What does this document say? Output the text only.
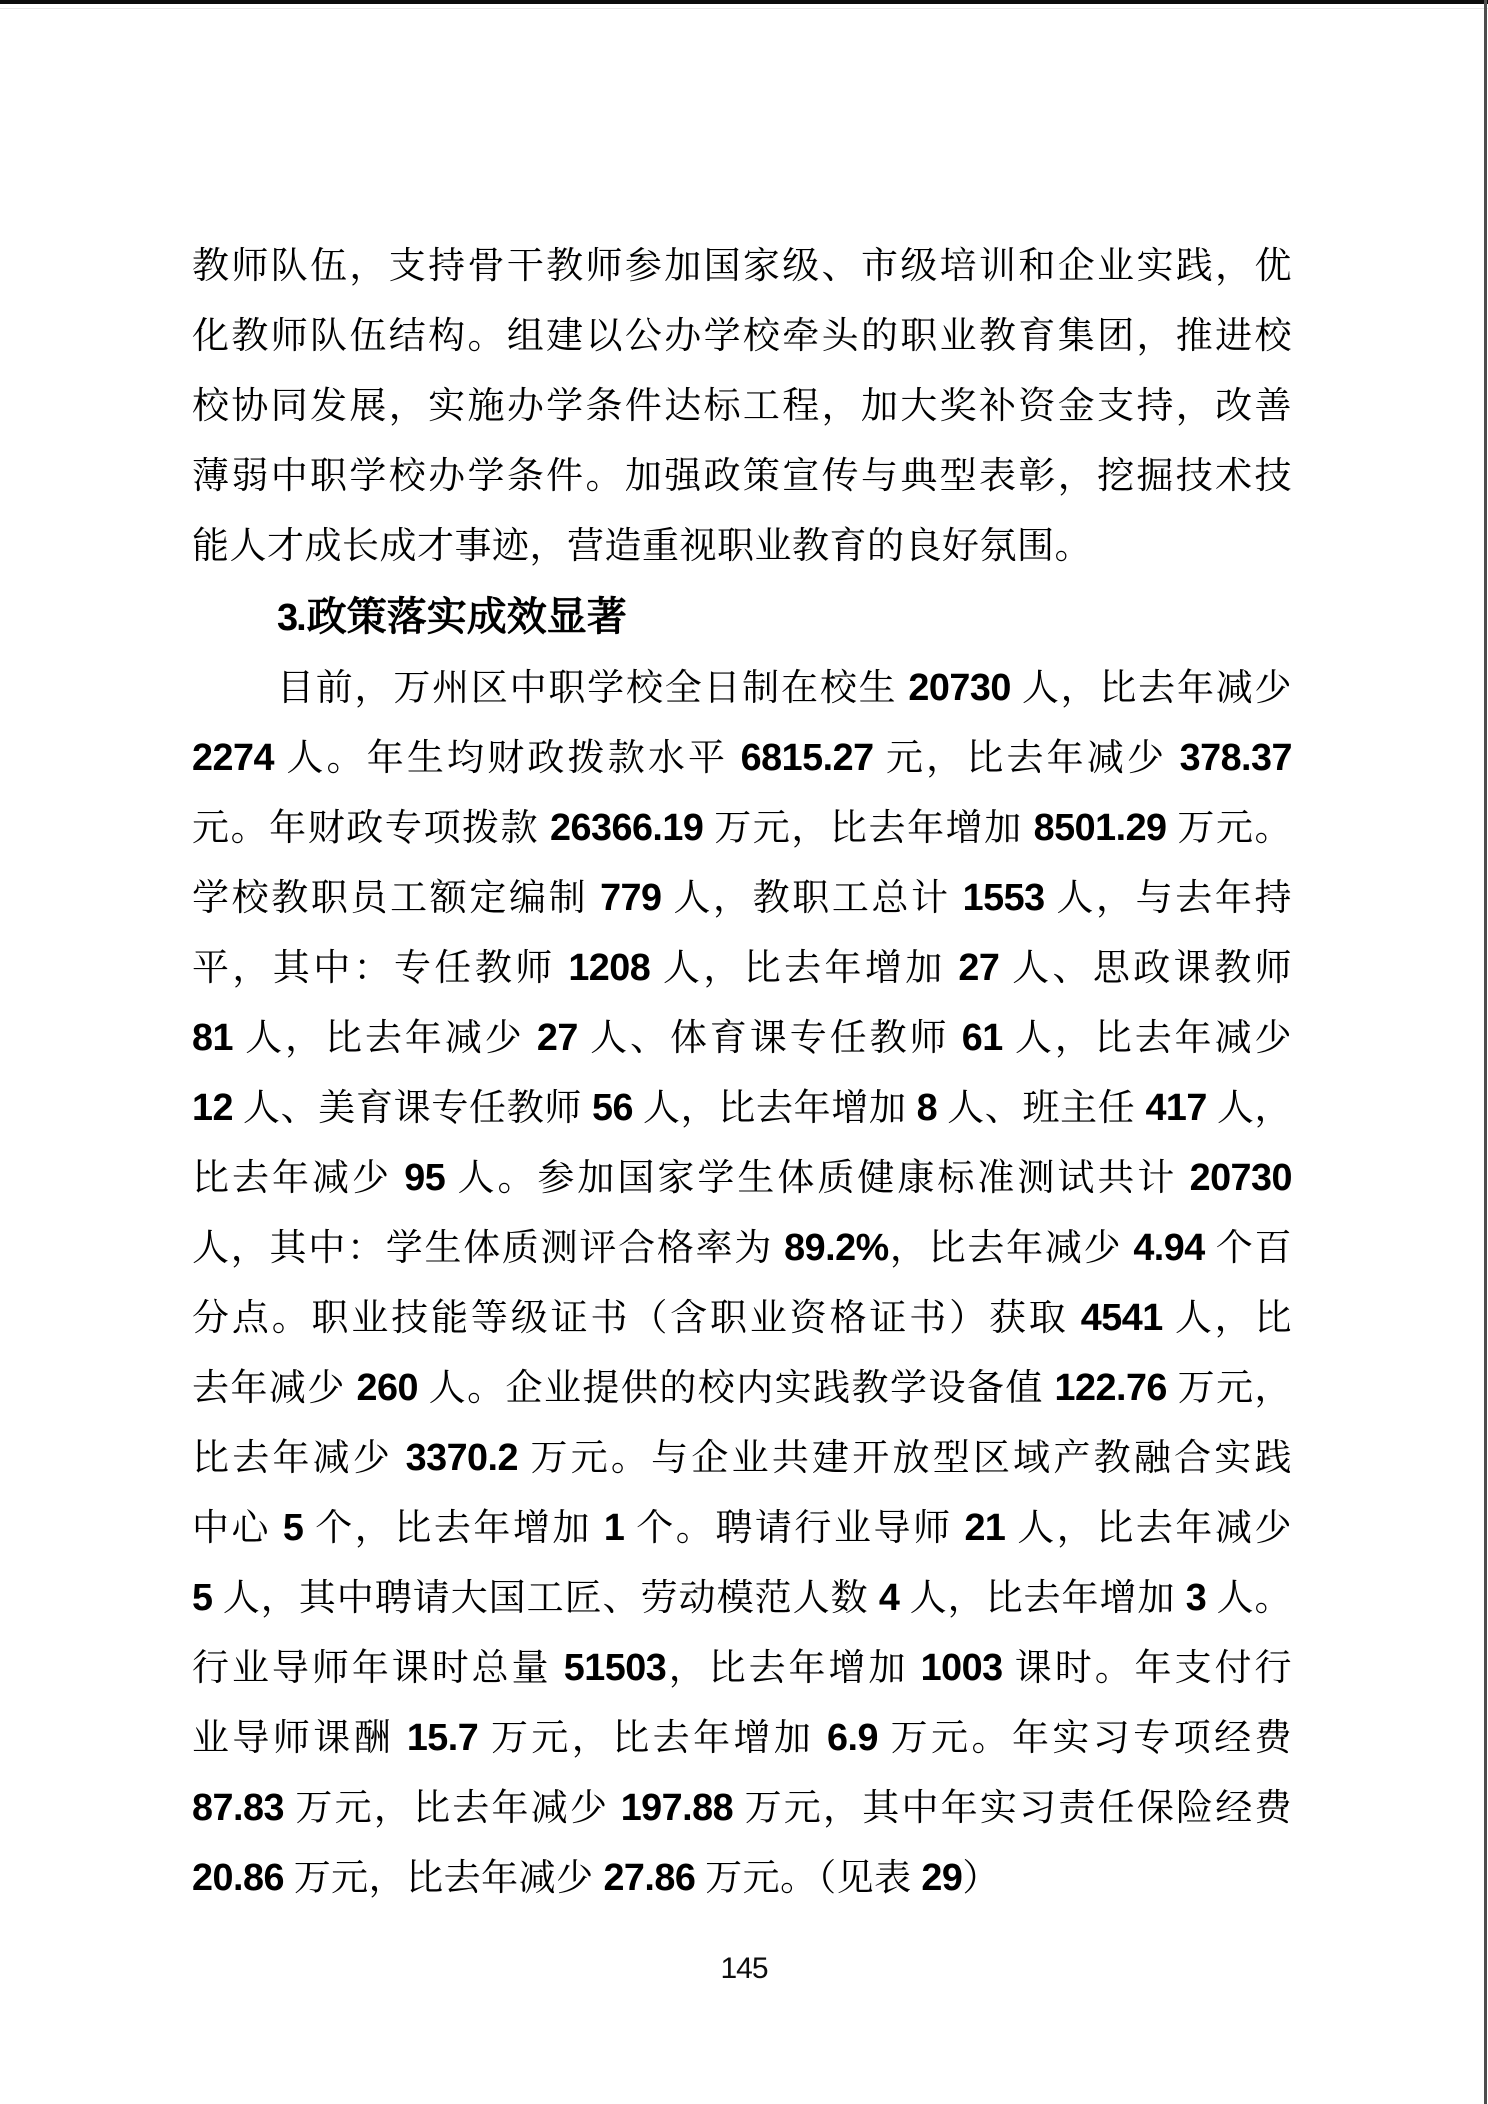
教师队伍，支持骨干教师参加国家级、市级培训和企业实践，优
化教师队伍结构。组建以公办学校牵头的职业教育集团，推进校
校协同发展，实施办学条件达标工程，加大奖补资金支持，改善
薄弱中职学校办学条件。加强政策宣传与典型表彰，挖掘技术技
能人才成长成才事迹，营造重视职业教育的良好氛围。
3.政策落实成效显著
目前，万州区中职学校全日制在校生 20730 人，比去年减少
2274 人。年生均财政拨款水平 6815.27 元，比去年减少 378.37
元。年财政专项拨款 26366.19 万元，比去年增加 8501.29 万元。
学校教职员工额定编制 779 人，教职工总计 1553 人，与去年持
平，其中：专任教师 1208 人，比去年增加 27 人、思政课教师
81 人，比去年减少 27 人、体育课专任教师 61 人，比去年减少
12 人、美育课专任教师 56 人，比去年增加 8 人、班主任 417 人，
比去年减少 95 人。参加国家学生体质健康标准测试共计 20730
人，其中：学生体质测评合格率为 89.2%，比去年减少 4.94 个百
分点。职业技能等级证书（含职业资格证书）获取 4541 人，比
去年减少 260 人。企业提供的校内实践教学设备值 122.76 万元，
比去年减少 3370.2 万元。与企业共建开放型区域产教融合实践
中心 5 个，比去年增加 1 个。聘请行业导师 21 人，比去年减少
5 人，其中聘请大国工匠、劳动模范人数 4 人，比去年增加 3 人。
行业导师年课时总量 51503，比去年增加 1003 课时。年支付行
业导师课酬 15.7 万元，比去年增加 6.9 万元。年实习专项经费
87.83 万元，比去年减少 197.88 万元，其中年实习责任保险经费
20.86 万元，比去年减少 27.86 万元。（见表 29）
145
